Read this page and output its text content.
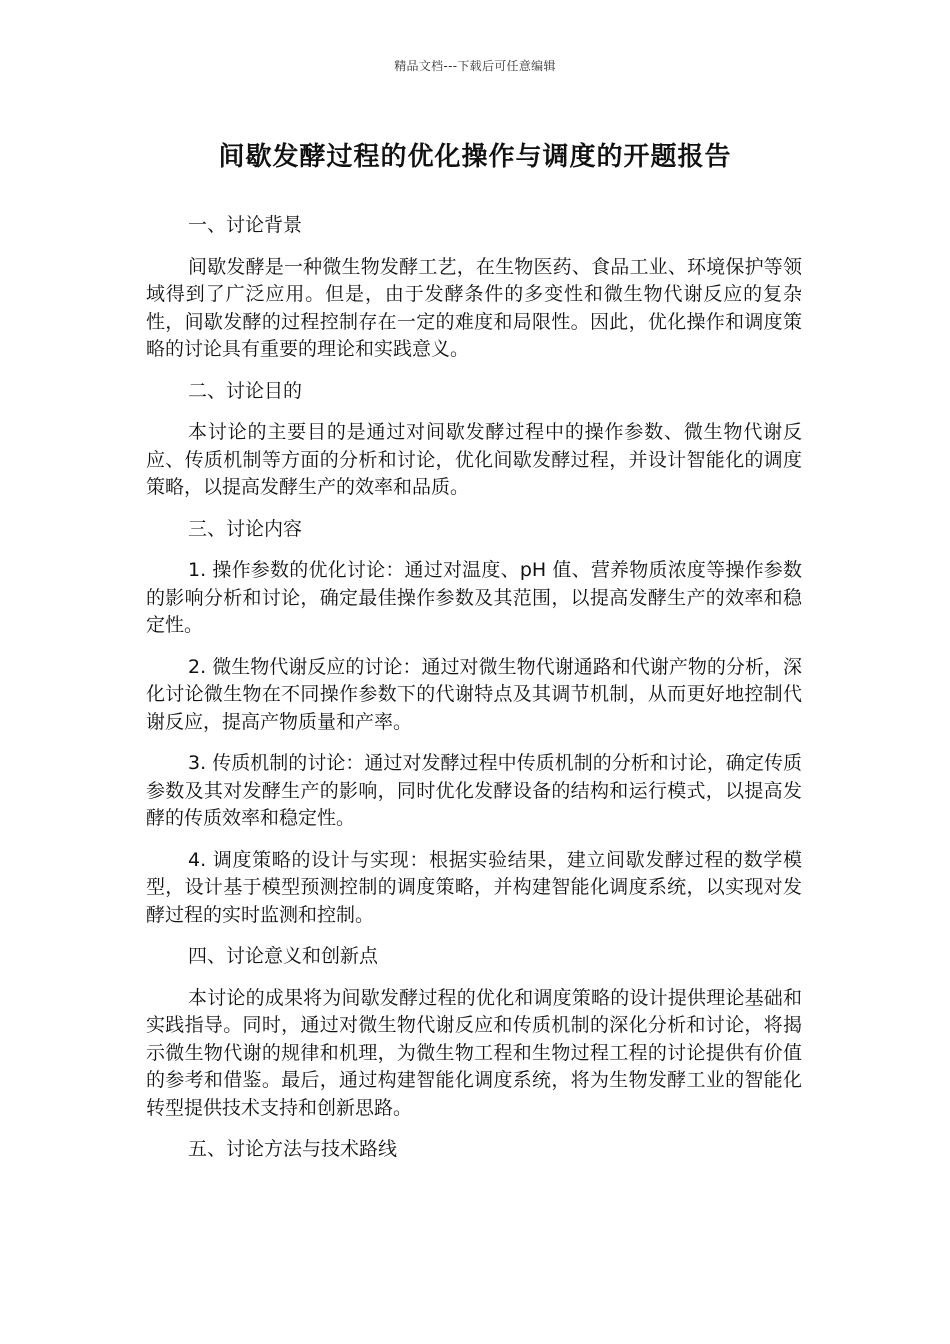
精品文档---下载后可任意编辑
间歇发酵过程的优化操作与调度的开题报告
一、讨论背景
间歇发酵是一种微生物发酵工艺，在生物医药、食品工业、环境保护等领域得到了广泛应用。但是，由于发酵条件的多变性和微生物代谢反应的复杂性，间歇发酵的过程控制存在一定的难度和局限性。因此，优化操作和调度策略的讨论具有重要的理论和实践意义。
二、讨论目的
本讨论的主要目的是通过对间歇发酵过程中的操作参数、微生物代谢反应、传质机制等方面的分析和讨论，优化间歇发酵过程，并设计智能化的调度策略，以提高发酵生产的效率和品质。
三、讨论内容
1. 操作参数的优化讨论：通过对温度、pH 值、营养物质浓度等操作参数的影响分析和讨论，确定最佳操作参数及其范围，以提高发酵生产的效率和稳定性。
2. 微生物代谢反应的讨论：通过对微生物代谢通路和代谢产物的分析，深化讨论微生物在不同操作参数下的代谢特点及其调节机制，从而更好地控制代谢反应，提高产物质量和产率。
3. 传质机制的讨论：通过对发酵过程中传质机制的分析和讨论，确定传质参数及其对发酵生产的影响，同时优化发酵设备的结构和运行模式，以提高发酵的传质效率和稳定性。
4. 调度策略的设计与实现：根据实验结果，建立间歇发酵过程的数学模型，设计基于模型预测控制的调度策略，并构建智能化调度系统，以实现对发酵过程的实时监测和控制。
四、讨论意义和创新点
本讨论的成果将为间歇发酵过程的优化和调度策略的设计提供理论基础和实践指导。同时，通过对微生物代谢反应和传质机制的深化分析和讨论，将揭示微生物代谢的规律和机理，为微生物工程和生物过程工程的讨论提供有价值的参考和借鉴。最后，通过构建智能化调度系统，将为生物发酵工业的智能化转型提供技术支持和创新思路。
五、讨论方法与技术路线
